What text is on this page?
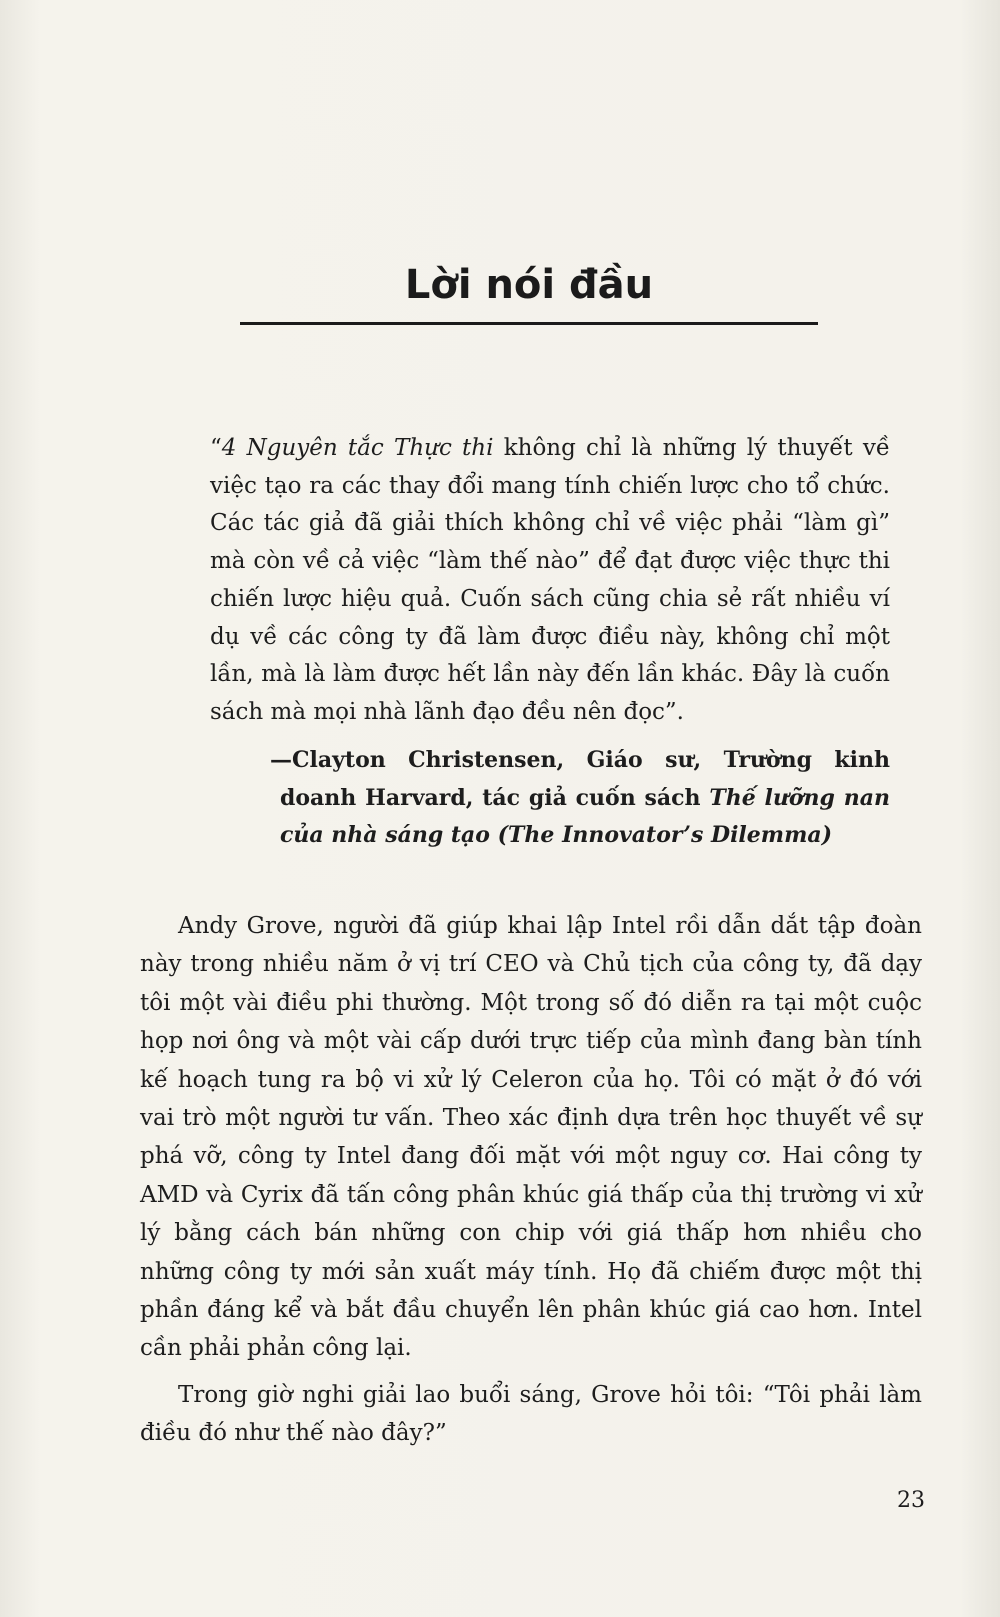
Lời nói đầu

“4 Nguyên tắc Thực thi không chỉ là những lý thuyết về việc tạo ra các thay đổi mang tính chiến lược cho tổ chức. Các tác giả đã giải thích không chỉ về việc phải “làm gì” mà còn về cả việc “làm thế nào” để đạt được việc thực thi chiến lược hiệu quả. Cuốn sách cũng chia sẻ rất nhiều ví dụ về các công ty đã làm được điều này, không chỉ một lần, mà là làm được hết lần này đến lần khác. Đây là cuốn sách mà mọi nhà lãnh đạo đều nên đọc”.

—Clayton Christensen, Giáo sư, Trường kinh
doanh Harvard, tác giả cuốn sách Thế lưỡng nan
của nhà sáng tạo (The Innovator’s Dilemma)

Andy Grove, người đã giúp khai lập Intel rồi dẫn dắt tập đoàn này trong nhiều năm ở vị trí CEO và Chủ tịch của công ty, đã dạy tôi một vài điều phi thường. Một trong số đó diễn ra tại một cuộc họp nơi ông và một vài cấp dưới trực tiếp của mình đang bàn tính kế hoạch tung ra bộ vi xử lý Celeron của họ. Tôi có mặt ở đó với vai trò một người tư vấn. Theo xác định dựa trên học thuyết về sự phá vỡ, công ty Intel đang đối mặt với một nguy cơ. Hai công ty AMD và Cyrix đã tấn công phân khúc giá thấp của thị trường vi xử lý bằng cách bán những con chip với giá thấp hơn nhiều cho những công ty mới sản xuất máy tính. Họ đã chiếm được một thị phần đáng kể và bắt đầu chuyển lên phân khúc giá cao hơn. Intel cần phải phản công lại.

Trong giờ nghi giải lao buổi sáng, Grove hỏi tôi: “Tôi phải làm điều đó như thế nào đây?”

23
